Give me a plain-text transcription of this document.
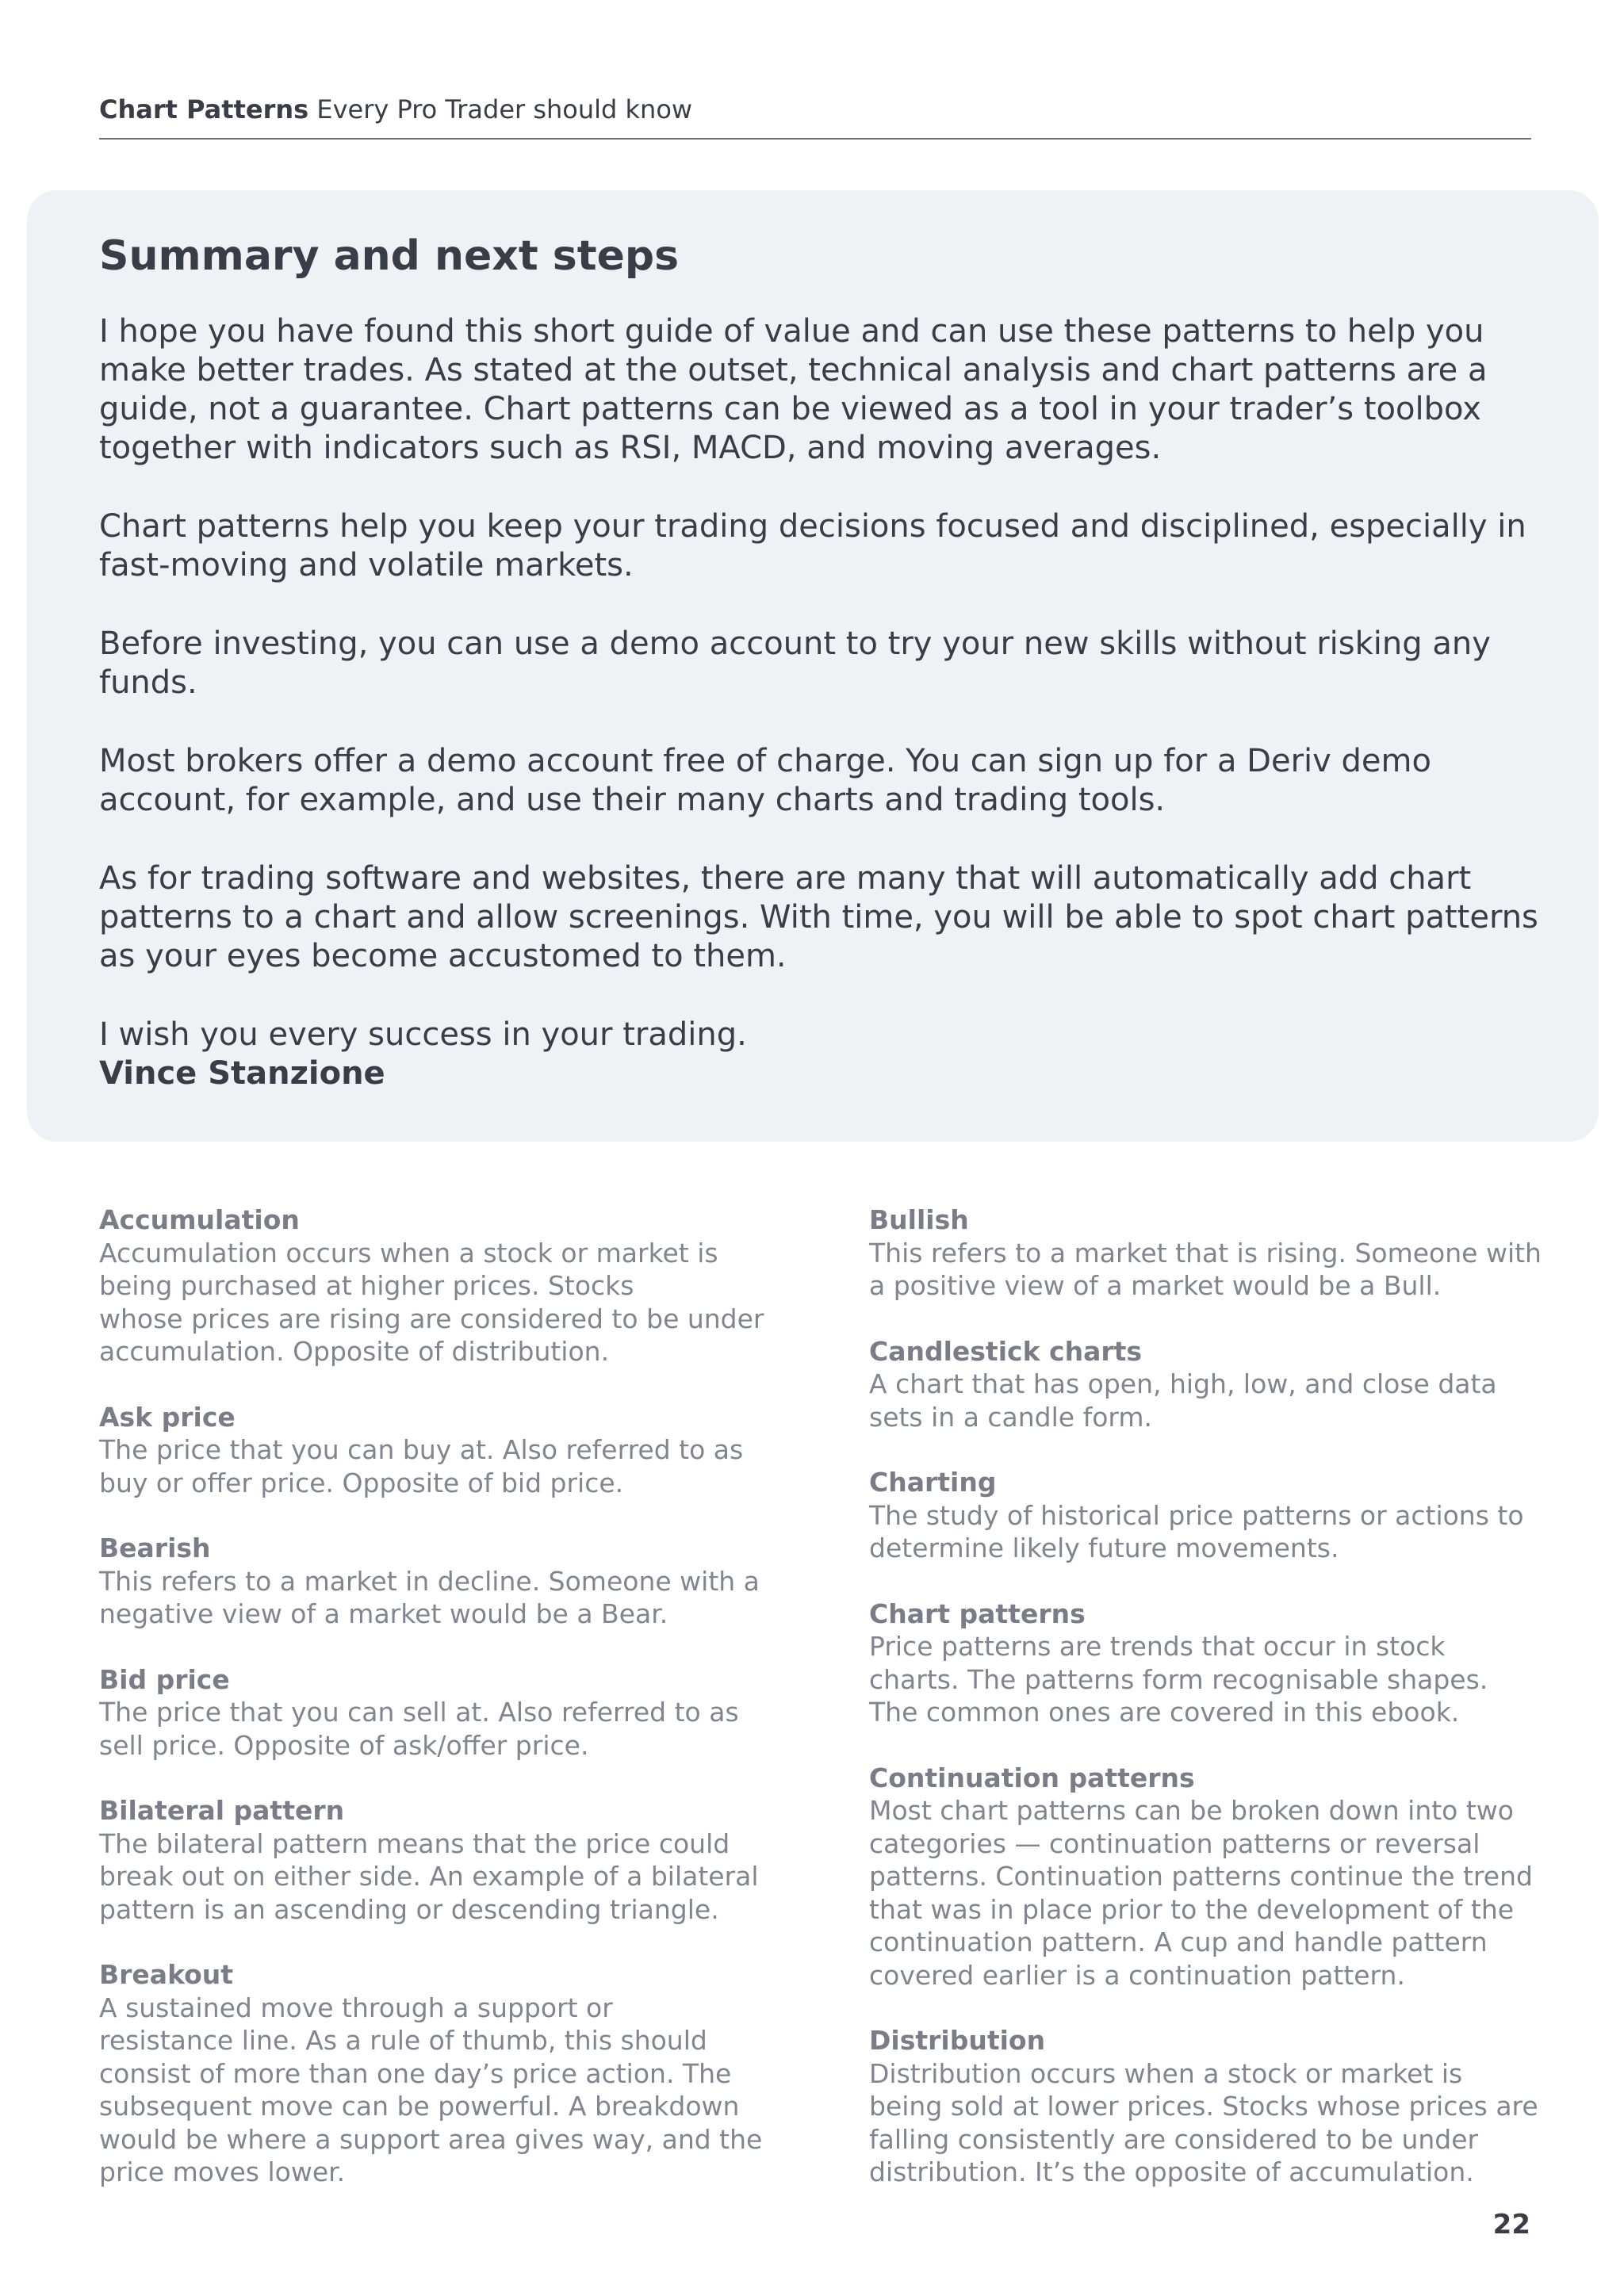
Chart Patterns Every Pro Trader should know
Summary and next steps

I hope you have found this short guide of value and can use these patterns to help you make better trades. As stated at the outset, technical analysis and chart patterns are a guide, not a guarantee. Chart patterns can be viewed as a tool in your trader’s toolbox together with indicators such as RSI, MACD, and moving averages.

Chart patterns help you keep your trading decisions focused and disciplined, especially in fast-moving and volatile markets.

Before investing, you can use a demo account to try your new skills without risking any funds.

Most brokers offer a demo account free of charge. You can sign up for a Deriv demo account, for example, and use their many charts and trading tools.

As for trading software and websites, there are many that will automatically add chart patterns to a chart and allow screenings. With time, you will be able to spot chart patterns as your eyes become accustomed to them.

I wish you every success in your trading.

Vince Stanzione
Accumulation
Accumulation occurs when a stock or market is being purchased at higher prices. Stocks
whose prices are rising are considered to be under accumulation. Opposite of distribution.
Ask price
The price that you can buy at. Also referred to as buy or offer price. Opposite of bid price.
Bearish
This refers to a market in decline. Someone with a negative view of a market would be a Bear.
Bid price
The price that you can sell at. Also referred to as sell price. Opposite of ask/offer price.
Bilateral pattern
The bilateral pattern means that the price could break out on either side. An example of a bilateral pattern is an ascending or descending triangle.
Breakout
A sustained move through a support or
resistance line. As a rule of thumb, this should consist of more than one day’s price action. The subsequent move can be powerful. A breakdown would be where a support area gives way, and the price moves lower.
Bullish
This refers to a market that is rising. Someone with a positive view of a market would be a Bull.
Candlestick charts
A chart that has open, high, low, and close data sets in a candle form.
Charting
The study of historical price patterns or actions to determine likely future movements.
Chart patterns
Price patterns are trends that occur in stock
charts. The patterns form recognisable shapes. The common ones are covered in this ebook.
Continuation patterns
Most chart patterns can be broken down into two categories — continuation patterns or reversal patterns. Continuation patterns continue the trend that was in place prior to the development of the continuation pattern. A cup and handle pattern covered earlier is a continuation pattern.
Distribution
Distribution occurs when a stock or market is being sold at lower prices. Stocks whose prices are falling consistently are considered to be under distribution. It’s the opposite of accumulation.
22
